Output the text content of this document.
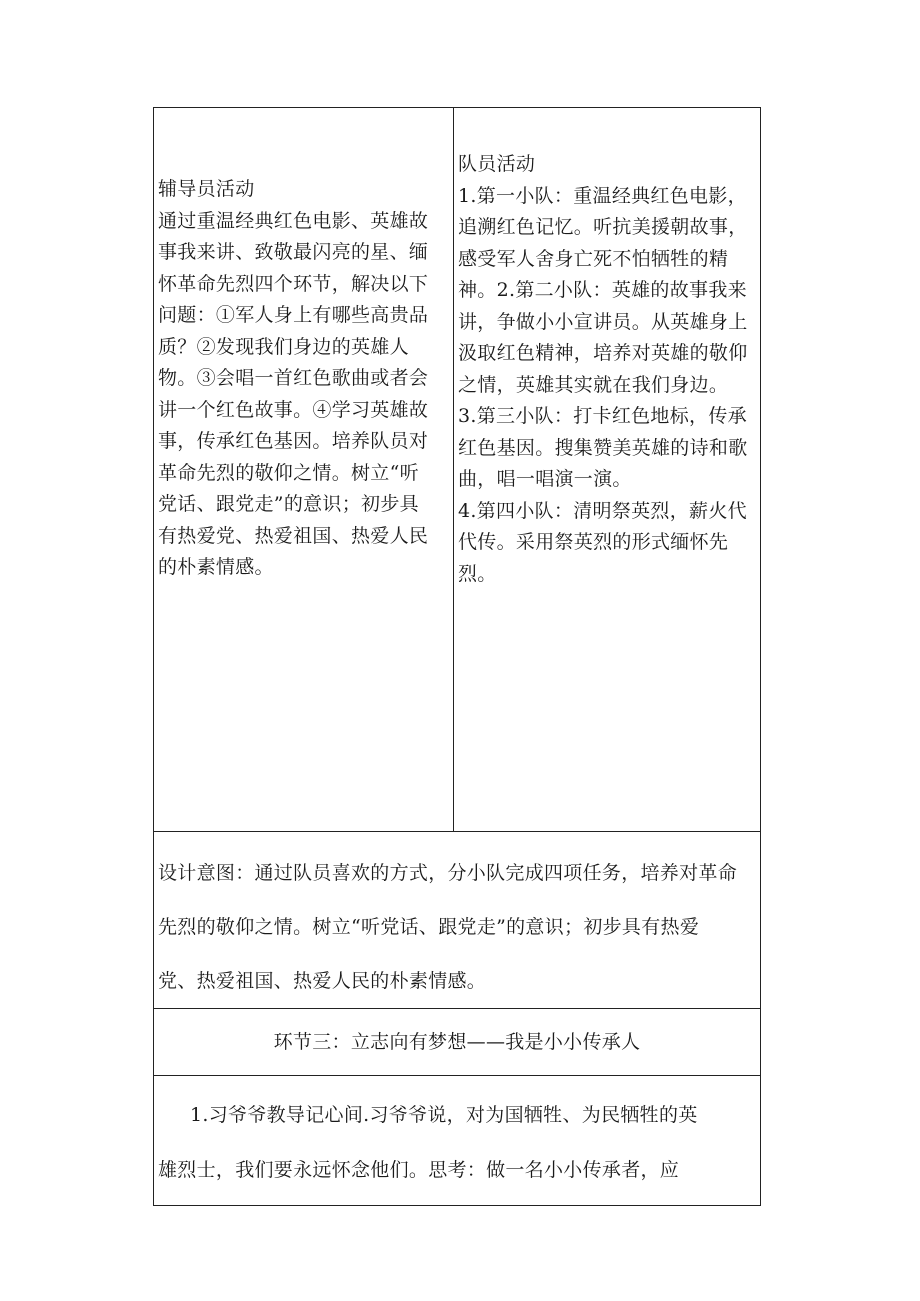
辅导员活动
通过重温经典红色电影、英雄故
事我来讲、致敬最闪亮的星、缅
怀革命先烈四个环节，解决以下
问题：①军人身上有哪些高贵品
质？②发现我们身边的英雄人
物。③会唱一首红色歌曲或者会
讲一个红色故事。④学习英雄故
事，传承红色基因。培养队员对
革命先烈的敬仰之情。树立“听
党话、跟党走”的意识；初步具
有热爱党、热爱祖国、热爱人民
的朴素情感。

队员活动
1.第一小队：重温经典红色电影，
追溯红色记忆。听抗美援朝故事，
感受军人舍身亡死不怕牺牲的精
神。2.第二小队：英雄的故事我来
讲，争做小小宣讲员。从英雄身上
汲取红色精神，培养对英雄的敬仰
之情，英雄其实就在我们身边。
3.第三小队：打卡红色地标，传承
红色基因。搜集赞美英雄的诗和歌
曲，唱一唱演一演。
4.第四小队：清明祭英烈，薪火代
代传。采用祭英烈的形式缅怀先
烈。

设计意图：通过队员喜欢的方式，分小队完成四项任务，培养对革命
先烈的敬仰之情。树立“听党话、跟党走”的意识；初步具有热爱
党、热爱祖国、热爱人民的朴素情感。

环节三：立志向有梦想——我是小小传承人

1.习爷爷教导记心间.习爷爷说，对为国牺牲、为民牺牲的英
雄烈士，我们要永远怀念他们。思考：做一名小小传承者，应
